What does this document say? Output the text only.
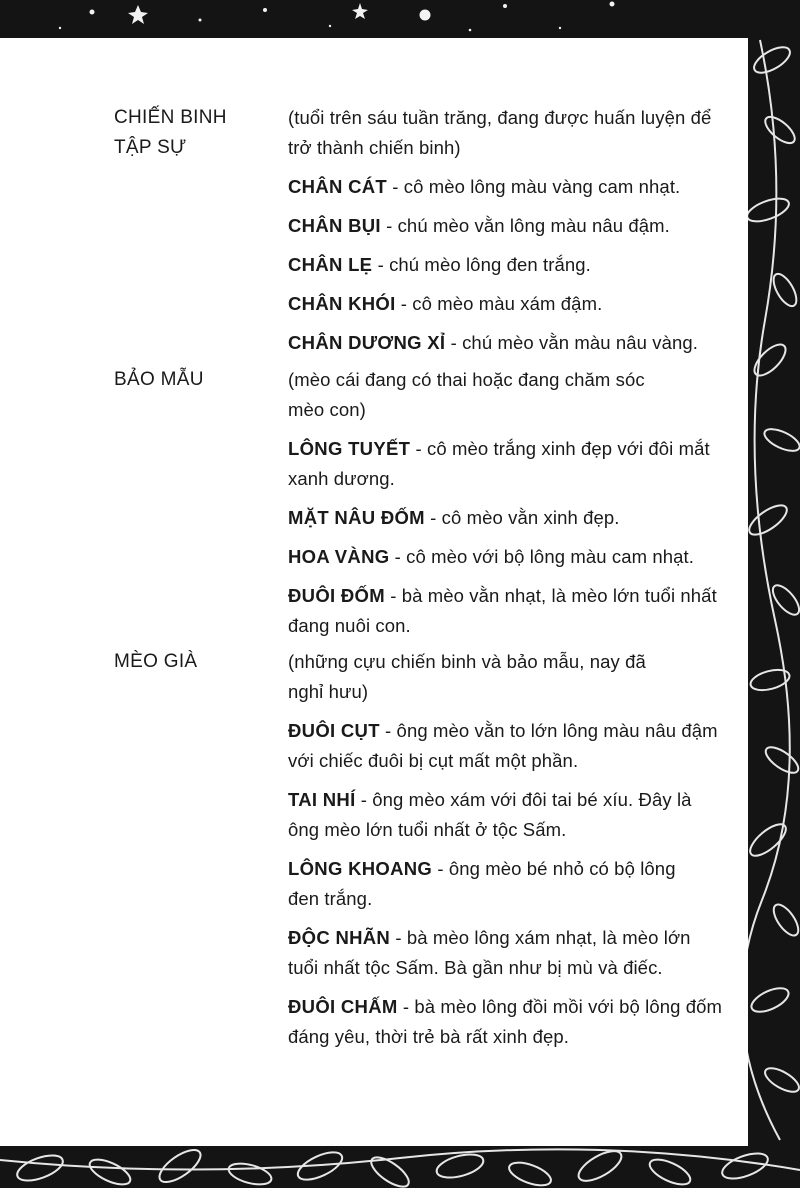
CHIẾN BINH
TẬP SỰ
(tuổi trên sáu tuần trăng, đang được huấn luyện để
trở thành chiến binh)
CHÂN CÁT - cô mèo lông màu vàng cam nhạt.
CHÂN BỤI - chú mèo vằn lông màu nâu đậm.
CHÂN LẸ - chú mèo lông đen trắng.
CHÂN KHÓI - cô mèo màu xám đậm.
CHÂN DƯƠNG XỈ - chú mèo vằn màu nâu vàng.
BẢO MẪU	(mèo cái đang có thai hoặc đang chăm sóc
mèo con)
LÔNG TUYẾT - cô mèo trắng xinh đẹp với đôi mắt
xanh dương.
MẶT NÂU ĐỐM - cô mèo vằn xinh đẹp.
HOA VÀNG - cô mèo với bộ lông màu cam nhạt.
ĐUÔI ĐỐM - bà mèo vằn nhạt, là mèo lớn tuổi nhất
đang nuôi con.
MÈO GIÀ	(những cựu chiến binh và bảo mẫu, nay đã
nghỉ hưu)
ĐUÔI CỤT - ông mèo vằn to lớn lông màu nâu đậm
với chiếc đuôi bị cụt mất một phần.
TAI NHÍ - ông mèo xám với đôi tai bé xíu. Đây là
ông mèo lớn tuổi nhất ở tộc Sấm.
LÔNG KHOANG - ông mèo bé nhỏ có bộ lông
đen trắng.
ĐỘC NHÃN - bà mèo lông xám nhạt, là mèo lớn
tuổi nhất tộc Sấm. Bà gần như bị mù và điếc.
ĐUÔI CHẤM - bà mèo lông đồi mồi với bộ lông đốm
đáng yêu, thời trẻ bà rất xinh đẹp.
